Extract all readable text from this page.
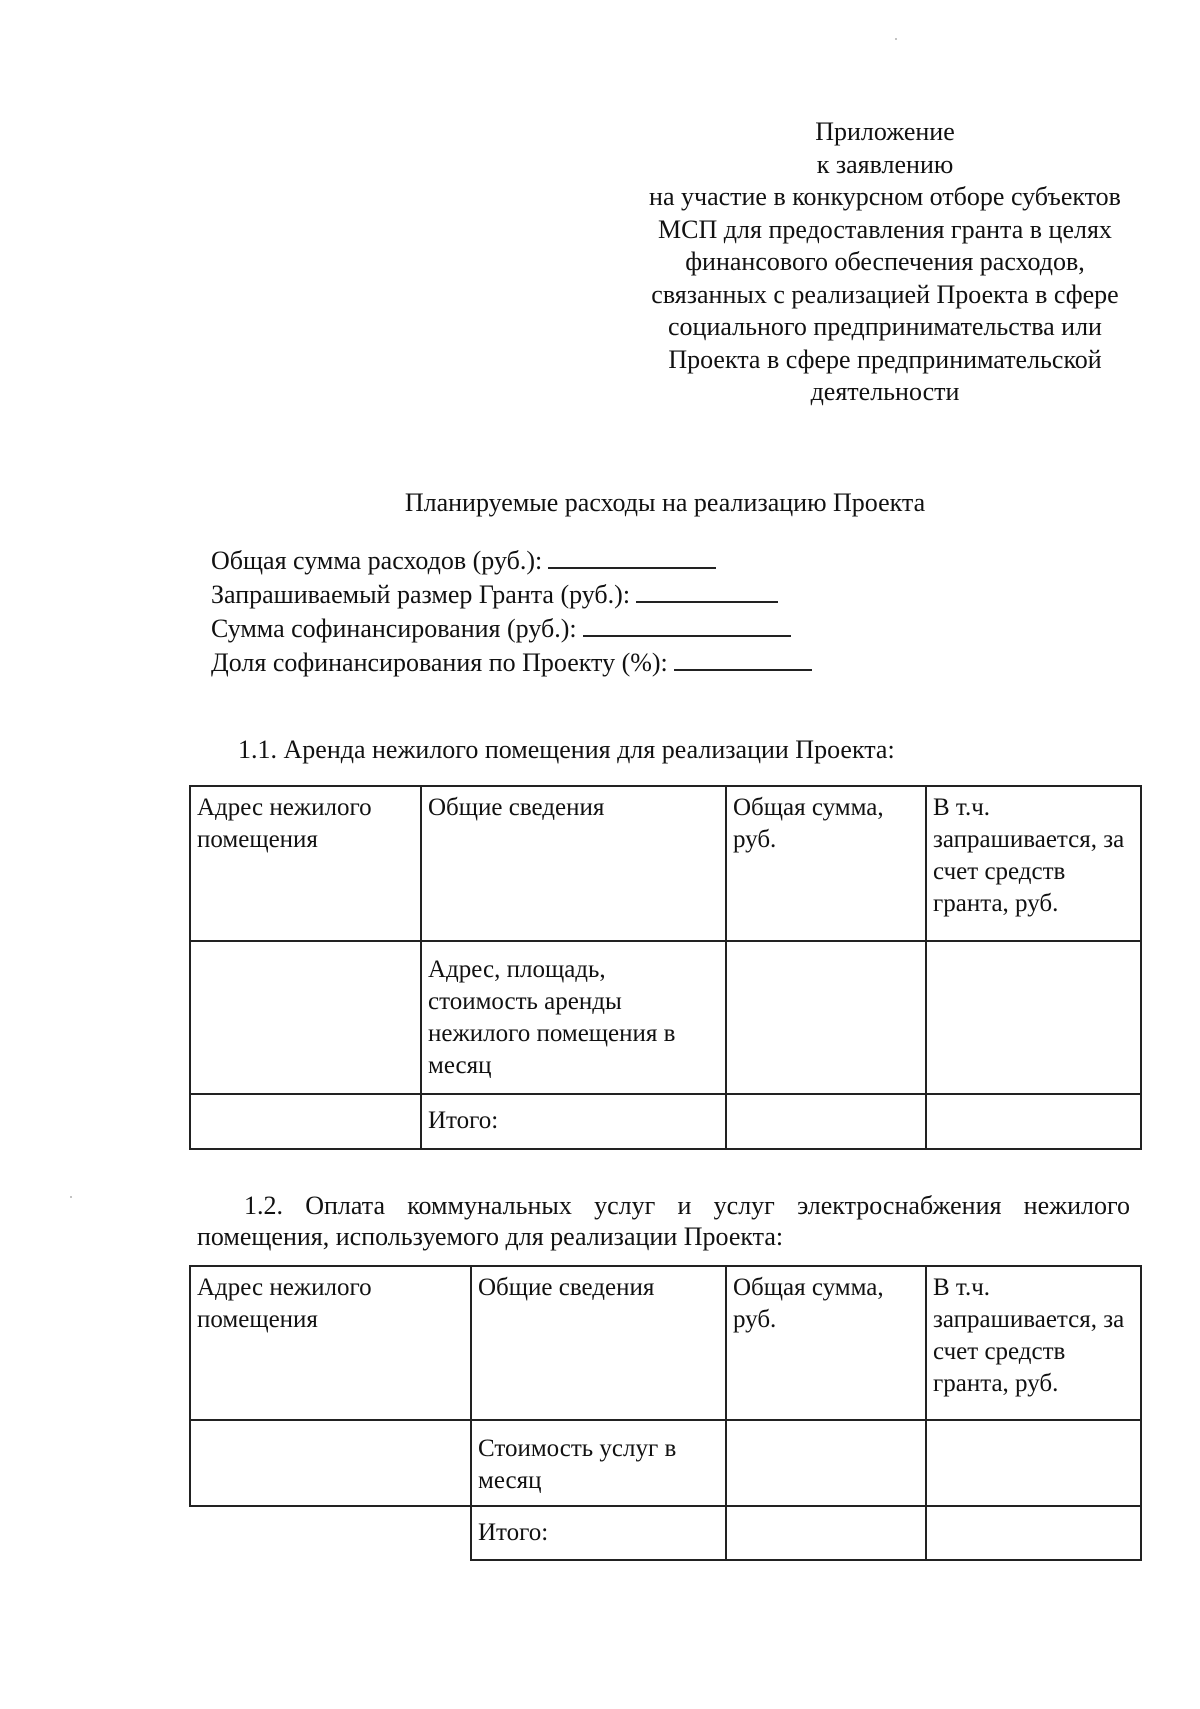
Приложение
к заявлению
на участие в конкурсном отборе субъектов
МСП для предоставления гранта в целях
финансового обеспечения расходов,
связанных с реализацией Проекта в сфере
социального предпринимательства или
Проекта в сфере предпринимательской
деятельности
Планируемые расходы на реализацию Проекта
Общая сумма расходов (руб.):
Запрашиваемый размер Гранта (руб.):
Сумма софинансирования (руб.):
Доля софинансирования по Проекту (%):
1.1. Аренда нежилого помещения для реализации Проекта:
Адрес нежилого помещения	Общие сведения	Общая сумма, руб.	В т.ч. запрашивается, за счет средств гранта, руб.
	Адрес, площадь, стоимость аренды нежилого помещения в месяц		
	Итого:		
1.2. Оплата коммунальных услуг и услуг электроснабжения нежилого
помещения, используемого для реализации Проекта:
Адрес нежилого помещения	Общие сведения	Общая сумма, руб.	В т.ч. запрашивается, за счет средств гранта, руб.
	Стоимость услуг в месяц		
	Итого:		
